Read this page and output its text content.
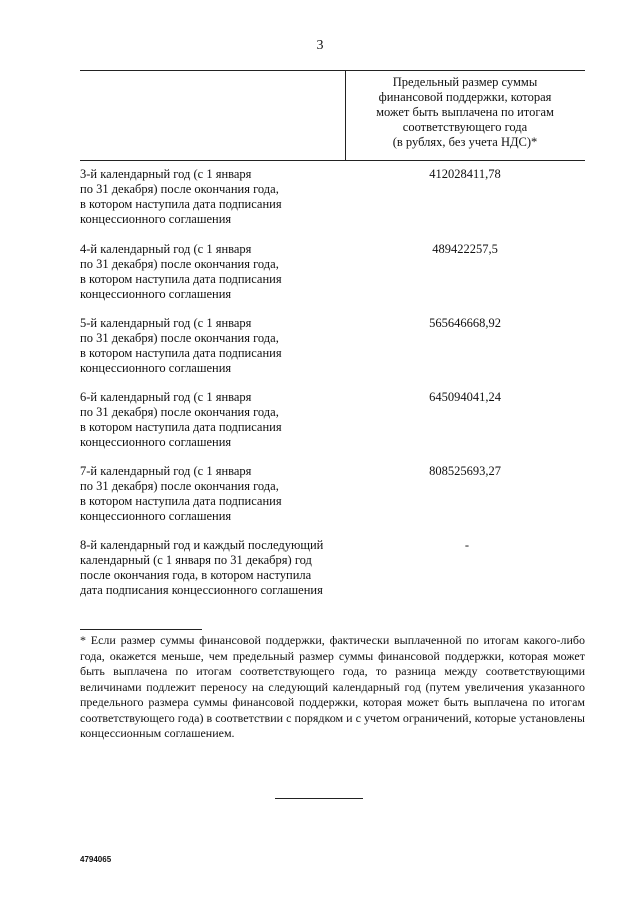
3
Предельный размер суммы
финансовой поддержки, которая
может быть выплачена по итогам
соответствующего года
(в рублях, без учета НДС)*
3-й календарный год (с 1 января
по 31 декабря) после окончания года,
в котором наступила дата подписания
концессионного соглашения
412028411,78
4-й календарный год (с 1 января
по 31 декабря) после окончания года,
в котором наступила дата подписания
концессионного соглашения
489422257,5
5-й календарный год (с 1 января
по 31 декабря) после окончания года,
в котором наступила дата подписания
концессионного соглашения
565646668,92
6-й календарный год (с 1 января
по 31 декабря) после окончания года,
в котором наступила дата подписания
концессионного соглашения
645094041,24
7-й календарный год (с 1 января
по 31 декабря) после окончания года,
в котором наступила дата подписания
концессионного соглашения
808525693,27
8-й календарный год и каждый последующий
календарный (с 1 января по 31 декабря) год
после окончания года, в котором наступила
дата подписания концессионного соглашения
-
* Если размер суммы финансовой поддержки, фактически выплаченной по итогам какого-либо года, окажется меньше, чем предельный размер суммы финансовой поддержки, которая может быть выплачена по итогам соответствующего года, то разница между соответствующими величинами подлежит переносу на следующий календарный год (путем увеличения указанного предельного размера суммы финансовой поддержки, которая может быть выплачена по итогам соответствующего года) в соответствии с порядком и с учетом ограничений, которые установлены концессионным соглашением.
4794065
